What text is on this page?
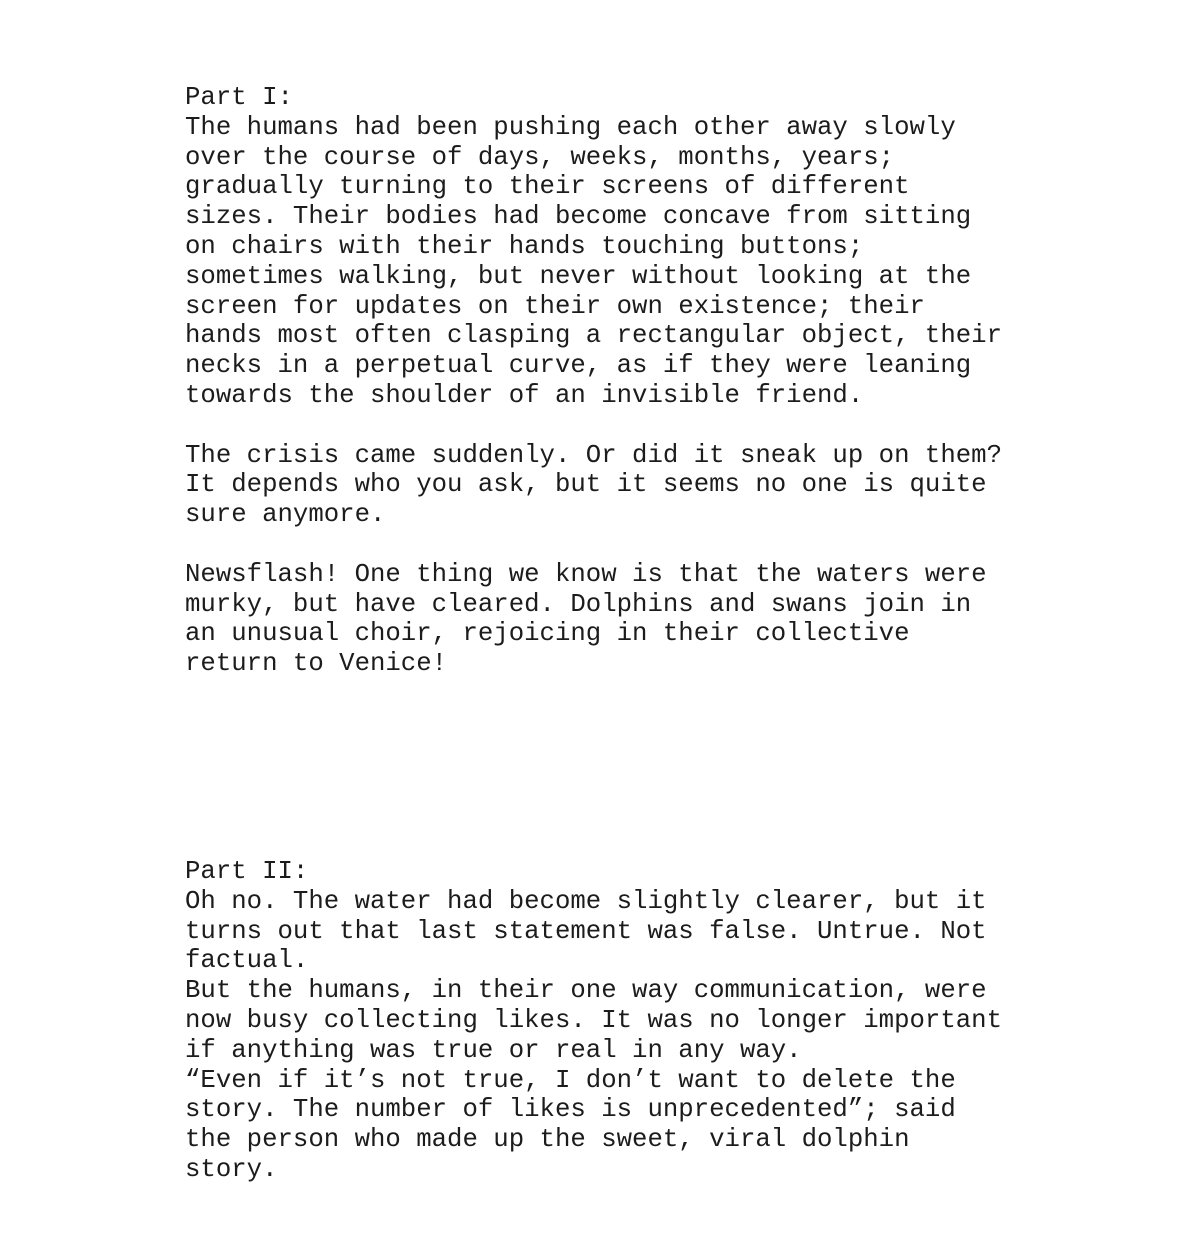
Part I:
The humans had been pushing each other away slowly
over the course of days, weeks, months, years;
gradually turning to their screens of different
sizes. Their bodies had become concave from sitting
on chairs with their hands touching buttons;
sometimes walking, but never without looking at the
screen for updates on their own existence; their
hands most often clasping a rectangular object, their
necks in a perpetual curve, as if they were leaning
towards the shoulder of an invisible friend.
The crisis came suddenly. Or did it sneak up on them?
It depends who you ask, but it seems no one is quite
sure anymore.
Newsflash! One thing we know is that the waters were
murky, but have cleared. Dolphins and swans join in
an unusual choir, rejoicing in their collective
return to Venice!
Part II:
Oh no. The water had become slightly clearer, but it
turns out that last statement was false. Untrue. Not
factual.
But the humans, in their one way communication, were
now busy collecting likes. It was no longer important
if anything was true or real in any way.
“Even if it’s not true, I don’t want to delete the
story. The number of likes is unprecedented”; said
the person who made up the sweet, viral dolphin
story.
